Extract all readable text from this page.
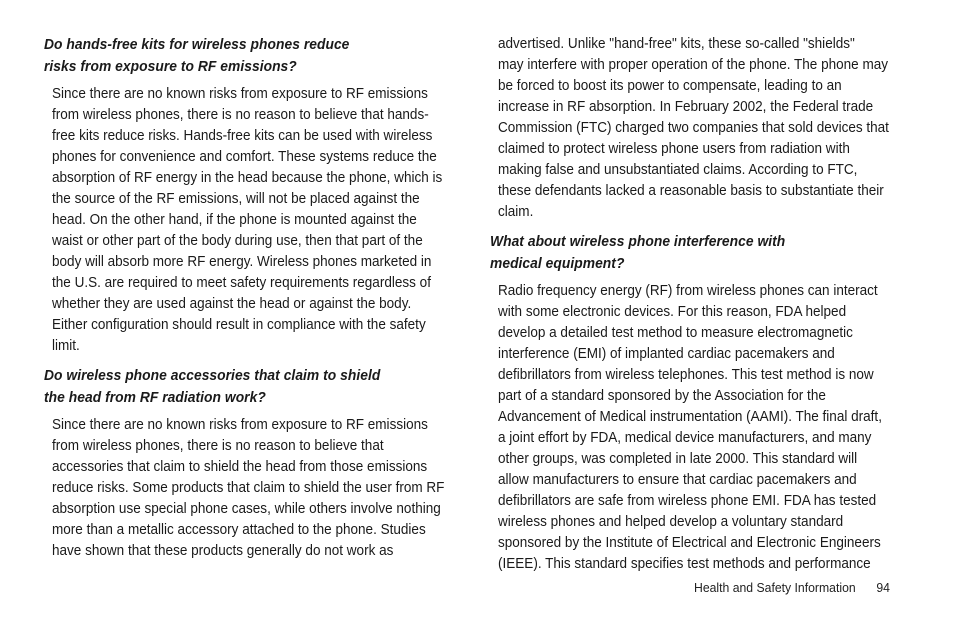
Do hands-free kits for wireless phones reduce
risks from exposure to RF emissions?
Since there are no known risks from exposure to RF emissions
from wireless phones, there is no reason to believe that hands-
free kits reduce risks. Hands-free kits can be used with wireless
phones for convenience and comfort. These systems reduce the
absorption of RF energy in the head because the phone, which is
the source of the RF emissions, will not be placed against the
head. On the other hand, if the phone is mounted against the
waist or other part of the body during use, then that part of the
body will absorb more RF energy. Wireless phones marketed in
the U.S. are required to meet safety requirements regardless of
whether they are used against the head or against the body.
Either configuration should result in compliance with the safety
limit.
Do wireless phone accessories that claim to shield
the head from RF radiation work?
Since there are no known risks from exposure to RF emissions
from wireless phones, there is no reason to believe that
accessories that claim to shield the head from those emissions
reduce risks. Some products that claim to shield the user from RF
absorption use special phone cases, while others involve nothing
more than a metallic accessory attached to the phone. Studies
have shown that these products generally do not work as
advertised. Unlike "hand-free" kits, these so-called "shields"
may interfere with proper operation of the phone. The phone may
be forced to boost its power to compensate, leading to an
increase in RF absorption. In February 2002, the Federal trade
Commission (FTC) charged two companies that sold devices that
claimed to protect wireless phone users from radiation with
making false and unsubstantiated claims. According to FTC,
these defendants lacked a reasonable basis to substantiate their
claim.
What about wireless phone interference with
medical equipment?
Radio frequency energy (RF) from wireless phones can interact
with some electronic devices. For this reason, FDA helped
develop a detailed test method to measure electromagnetic
interference (EMI) of implanted cardiac pacemakers and
defibrillators from wireless telephones. This test method is now
part of a standard sponsored by the Association for the
Advancement of Medical instrumentation (AAMI). The final draft,
a joint effort by FDA, medical device manufacturers, and many
other groups, was completed in late 2000. This standard will
allow manufacturers to ensure that cardiac pacemakers and
defibrillators are safe from wireless phone EMI. FDA has tested
wireless phones and helped develop a voluntary standard
sponsored by the Institute of Electrical and Electronic Engineers
(IEEE). This standard specifies test methods and performance
Health and Safety Information 94
